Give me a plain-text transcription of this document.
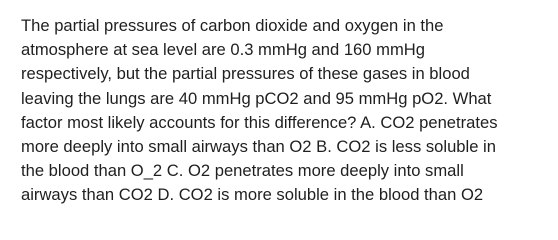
The partial pressures of carbon dioxide and oxygen in the
atmosphere at sea level are 0.3 mmHg and 160 mmHg
respectively, but the partial pressures of these gases in blood
leaving the lungs are 40 mmHg pCO2 and 95 mmHg pO2. What
factor most likely accounts for this difference? A. CO2 penetrates
more deeply into small airways than O2 B. CO2 is less soluble in
the blood than O_2 C. O2 penetrates more deeply into small
airways than CO2 D. CO2 is more soluble in the blood than O2
